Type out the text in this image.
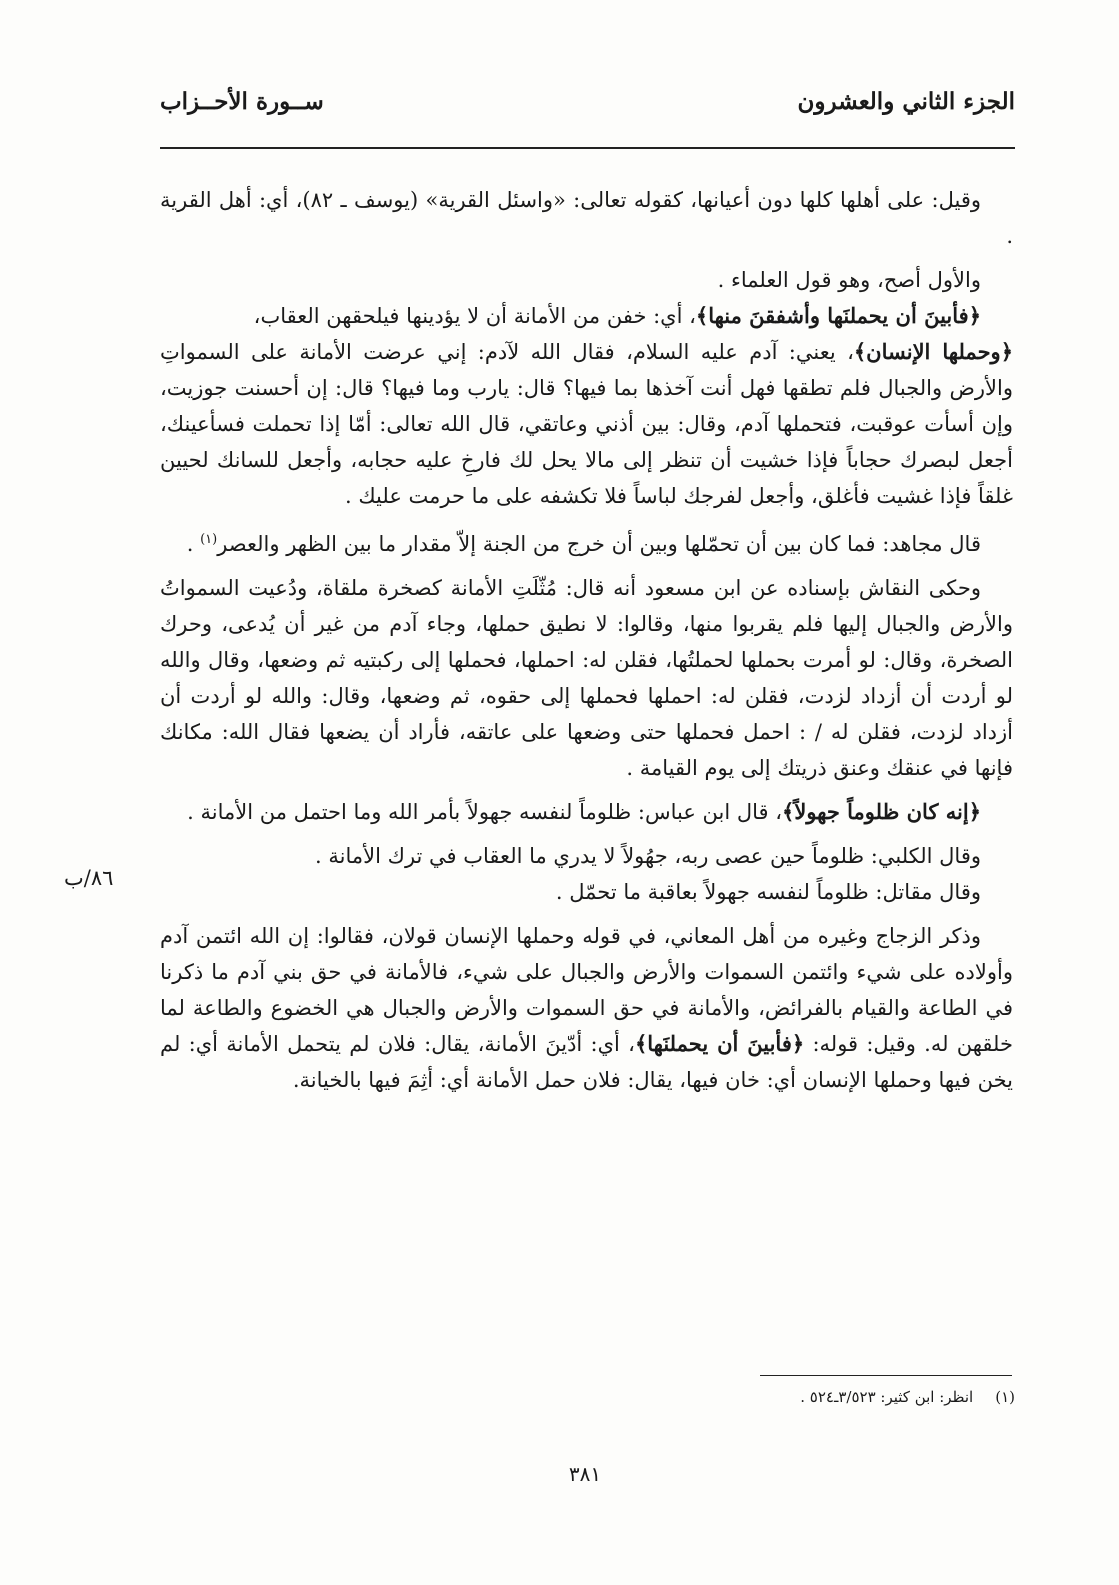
الجزء الثاني والعشرون
ســورة الأحــزاب

وقيل: على أهلها كلها دون أعيانها، كقوله تعالى: «واسئل القرية» (يوسف ـ ٨٢)، أي: أهل القرية .

والأول أصح، وهو قول العلماء .

﴿فأبينَ أن يحملنَها وأشفقنَ منها﴾، أي: خفن من الأمانة أن لا يؤدينها فيلحقهن العقاب،

﴿وحملها الإنسان﴾، يعني: آدم عليه السلام، فقال الله لآدم: إني عرضت الأمانة على السمواتِ والأرض والجبال فلم تطقها فهل أنت آخذها بما فيها؟ قال: يارب وما فيها؟ قال: إن أحسنت جوزيت، وإن أسأت عوقبت، فتحملها آدم، وقال: بين أذني وعاتقي، قال الله تعالى: أمّا إذا تحملت فسأعينك، أجعل لبصرك حجاباً فإذا خشيت أن تنظر إلى مالا يحل لك فارخِ عليه حجابه، وأجعل للسانك لحيين غلقاً فإذا غشيت فأغلق، وأجعل لفرجك لباساً فلا تكشفه على ما حرمت عليك .

قال مجاهد: فما كان بين أن تحمّلها وبين أن خرج من الجنة إلاّ مقدار ما بين الظهر والعصر$^{(١)}$ .

وحكى النقاش بإسناده عن ابن مسعود أنه قال: مُثّلَتِ الأمانة كصخرة ملقاة، ودُعيت السمواتُ والأرض والجبال إليها فلم يقربوا منها، وقالوا: لا نطيق حملها، وجاء آدم من غير أن يُدعى، وحرك الصخرة، وقال: لو أمرت بحملها لحملتُها، فقلن له: احملها، فحملها إلى ركبتيه ثم وضعها، وقال والله لو أردت أن أزداد لزدت، فقلن له: احملها فحملها إلى حقوه، ثم وضعها، وقال: والله لو أردت أن أزداد لزدت، فقلن له / : احمل فحملها حتى وضعها على عاتقه، فأراد أن يضعها فقال الله: مكانك فإنها في عنقك وعنق ذريتك إلى يوم القيامة .

﴿إنه كان ظلوماً جهولاً﴾، قال ابن عباس: ظلوماً لنفسه جهولاً بأمر الله وما احتمل من الأمانة .

وقال الكلبي: ظلوماً حين عصى ربه، جهُولاً لا يدري ما العقاب في ترك الأمانة .

وقال مقاتل: ظلوماً لنفسه جهولاً بعاقبة ما تحمّل .

وذكر الزجاج وغيره من أهل المعاني، في قوله وحملها الإنسان قولان، فقالوا: إن الله ائتمن آدم وأولاده على شيء وائتمن السموات والأرض والجبال على شيء، فالأمانة في حق بني آدم ما ذكرنا في الطاعة والقيام بالفرائض، والأمانة في حق السموات والأرض والجبال هي الخضوع والطاعة لما خلقهن له. وقيل: قوله: ﴿فأبينَ أن يحملنَها﴾، أي: أدّينَ الأمانة، يقال: فلان لم يتحمل الأمانة أي: لم يخن فيها وحملها الإنسان أي: خان فيها، يقال: فلان حمل الأمانة أي: أثِمَ فيها بالخيانة.

٨٦/ب
(١)انظر: ابن كثير: ٣/٥٢٣ـ٥٢٤ .
٣٨١
